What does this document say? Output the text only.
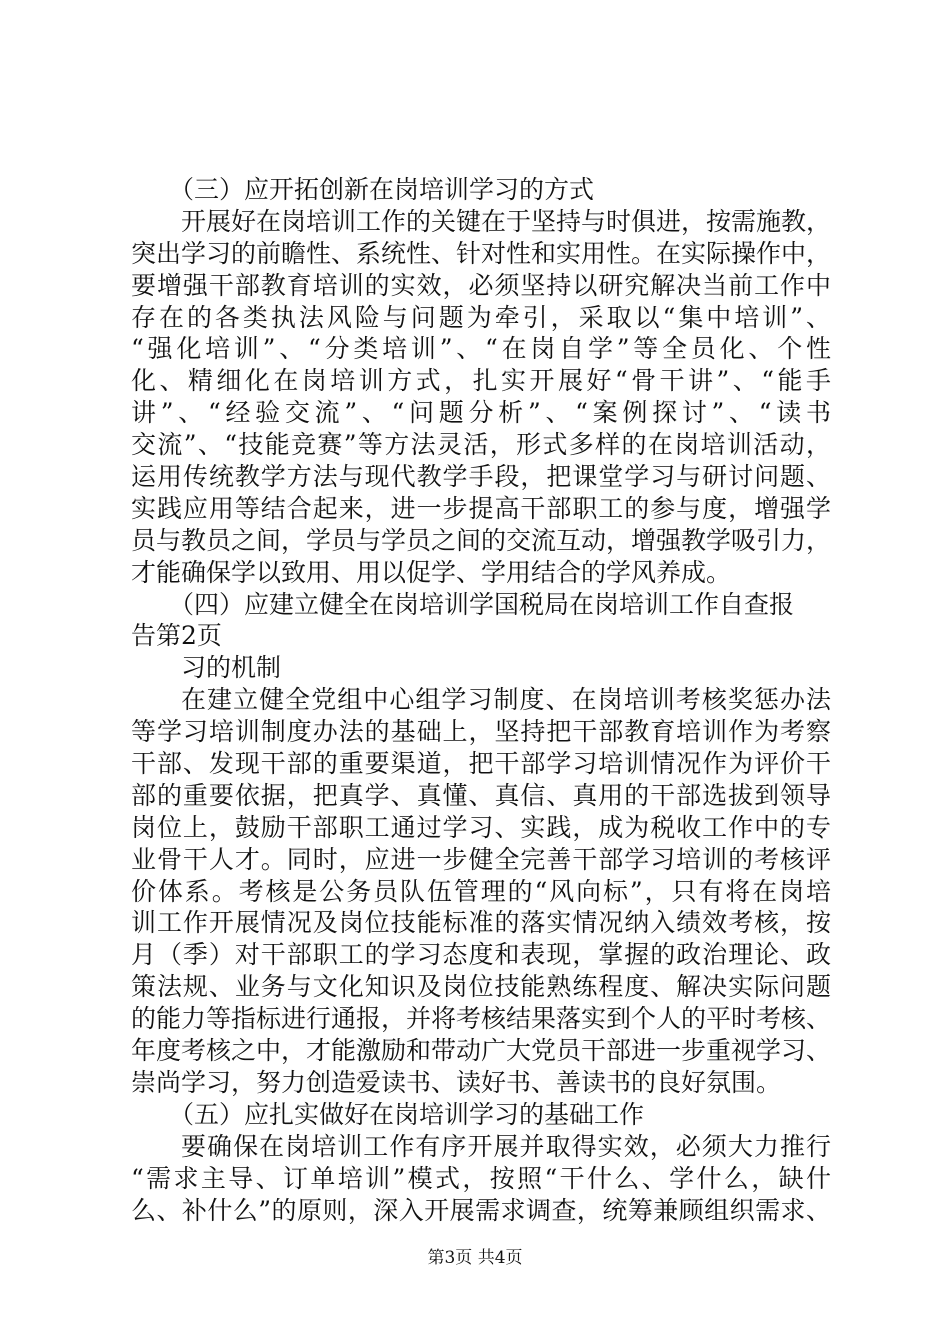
（三）应开拓创新在岗培训学习的方式
开展好在岗培训工作的关键在于坚持与时俱进，按需施教，
突出学习的前瞻性、系统性、针对性和实用性。在实际操作中，
要增强干部教育培训的实效，必须坚持以研究解决当前工作中
存在的各类执法风险与问题为牵引，采取以“集中培训”、
“强化培训”、“分类培训”、“在岗自学”等全员化、个性
化、精细化在岗培训方式，扎实开展好“骨干讲”、“能手
讲”、“经验交流”、“问题分析”、“案例探讨”、“读书
交流”、“技能竞赛”等方法灵活，形式多样的在岗培训活动，
运用传统教学方法与现代教学手段，把课堂学习与研讨问题、
实践应用等结合起来，进一步提高干部职工的参与度，增强学
员与教员之间，学员与学员之间的交流互动，增强教学吸引力，
才能确保学以致用、用以促学、学用结合的学风养成。
（四）应建立健全在岗培训学国税局在岗培训工作自查报
告第2页
习的机制
在建立健全党组中心组学习制度、在岗培训考核奖惩办法
等学习培训制度办法的基础上，坚持把干部教育培训作为考察
干部、发现干部的重要渠道，把干部学习培训情况作为评价干
部的重要依据，把真学、真懂、真信、真用的干部选拔到领导
岗位上，鼓励干部职工通过学习、实践，成为税收工作中的专
业骨干人才。同时，应进一步健全完善干部学习培训的考核评
价体系。考核是公务员队伍管理的“风向标”，只有将在岗培
训工作开展情况及岗位技能标准的落实情况纳入绩效考核，按
月（季）对干部职工的学习态度和表现，掌握的政治理论、政
策法规、业务与文化知识及岗位技能熟练程度、解决实际问题
的能力等指标进行通报，并将考核结果落实到个人的平时考核、
年度考核之中，才能激励和带动广大党员干部进一步重视学习、
崇尚学习，努力创造爱读书、读好书、善读书的良好氛围。
（五）应扎实做好在岗培训学习的基础工作
要确保在岗培训工作有序开展并取得实效，必须大力推行
“需求主导、订单培训”模式，按照“干什么、学什么，缺什
么、补什么”的原则，深入开展需求调查，统筹兼顾组织需求、
第3页 共4页
